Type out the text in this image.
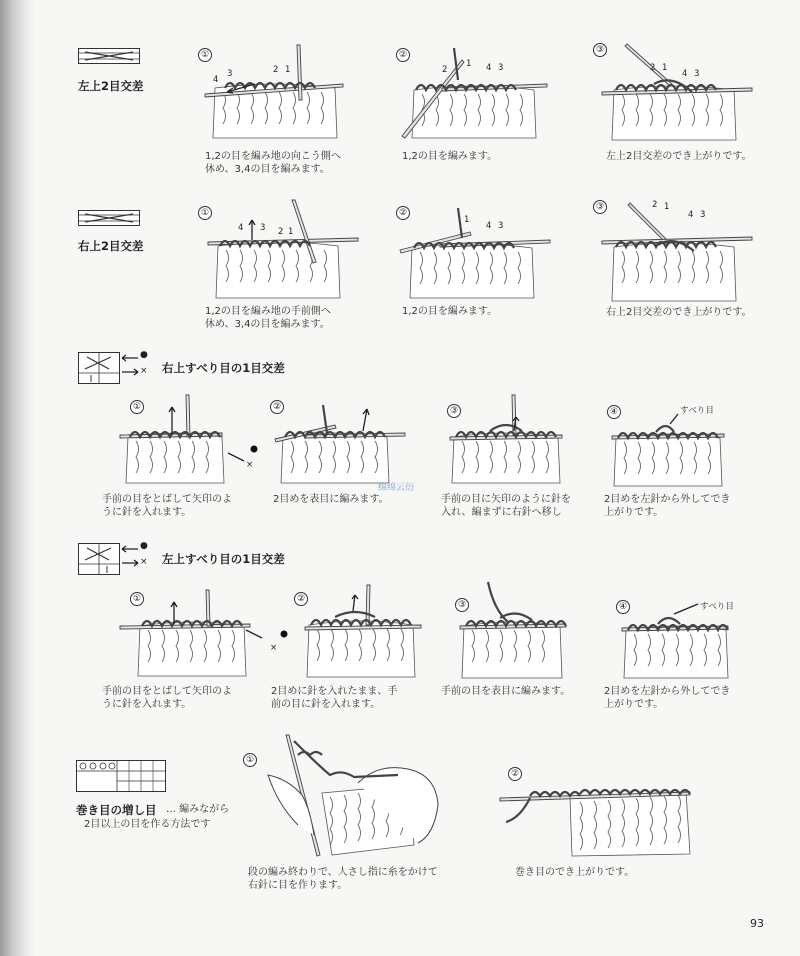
左上2目交差
①
4
3	2 1
1,2の目を編み地の向こう側へ
休め、3,4の目を編みます。
②
2
1 4 3
1,2の目を編みます。
③
2 1
4 3
左上2目交差のでき上がりです。
右上2目交差
①
4 3 2 1
1,2の目を編み地の手前側へ
休め、3,4の目を編みます。
②
1
4 3
1,2の目を編みます。
③	2 1
4 3
右上2目交差のでき上がりです。
●
× 右上すべり目の1目交差
①
×
手前の目をとばして矢印のよ
うに針を入れます。
②
2目めを表目に編みます。
绵绵云衍
③
手前の目に矢印のように針を
入れ、編まずに右針へ移し
④	すべり目
2目めを左針から外してでき
上がりです。
●
× 左上すべり目の1目交差
①
×
手前の目をとばして矢印のよ
うに針を入れます。
②
2目めに針を入れたまま、手
前の目に針を入れます。
③
手前の目を表目に編みます。
④	すべり目
2目めを左針から外してでき
上がりです。
巻き目の増し目 … 編みながら
2目以上の目を作る方法です
①
段の編み終わりで、人さし指に糸をかけて
右針に目を作ります。
②
巻き目のでき上がりです。
93
